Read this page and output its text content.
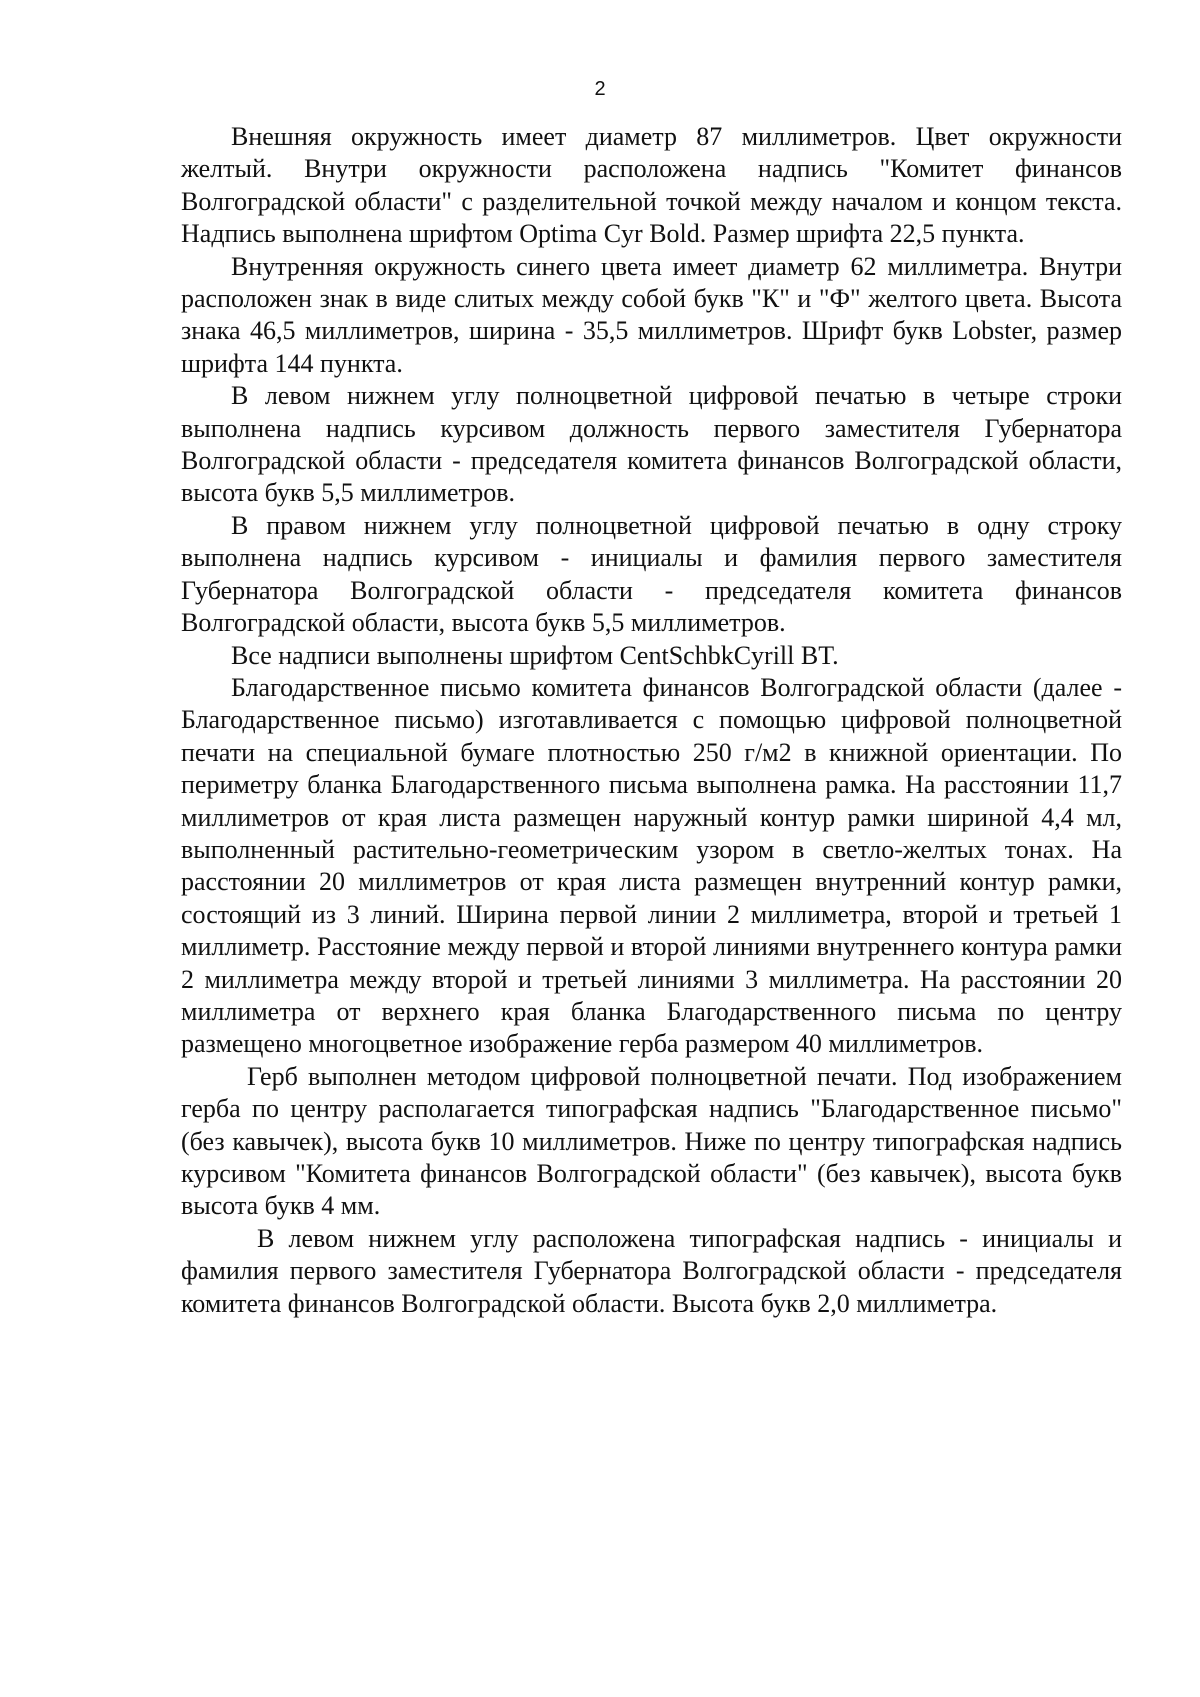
2

Внешняя окружность имеет диаметр 87 миллиметров. Цвет окружности желтый. Внутри окружности расположена надпись "Комитет финансов Волгоградской области" с разделительной точкой между началом и концом текста. Надпись выполнена шрифтом Optima Cyr Bold. Размер шрифта 22,5 пункта.

Внутренняя окружность синего цвета имеет диаметр 62 миллиметра. Внутри расположен знак в виде слитых между собой букв "К" и "Ф" желтого цвета. Высота знака 46,5 миллиметров, ширина - 35,5 миллиметров. Шрифт букв Lobster, размер шрифта 144 пункта.

В левом нижнем углу полноцветной цифровой печатью в четыре строки выполнена надпись курсивом должность первого заместителя Губернатора Волгоградской области - председателя комитета финансов Волгоградской области, высота букв 5,5 миллиметров.

В правом нижнем углу полноцветной цифровой печатью в одну строку выполнена надпись курсивом - инициалы и фамилия первого заместителя Губернатора Волгоградской области - председателя комитета финансов Волгоградской области, высота букв 5,5 миллиметров.

Все надписи выполнены шрифтом CentSchbkCyrill BT.

Благодарственное письмо комитета финансов Волгоградской области (далее - Благодарственное письмо) изготавливается с помощью цифровой полноцветной печати на специальной бумаге плотностью 250 г/м2 в книжной ориентации. По периметру бланка Благодарственного письма выполнена рамка. На расстоянии 11,7 миллиметров от края листа размещен наружный контур рамки шириной 4,4 мл, выполненный растительно-геометрическим узором в светло-желтых тонах. На расстоянии 20 миллиметров от края листа размещен внутренний контур рамки, состоящий из 3 линий. Ширина первой линии 2 миллиметра, второй и третьей 1 миллиметр. Расстояние между первой и второй линиями внутреннего контура рамки 2 миллиметра между второй и третьей линиями 3 миллиметра. На расстоянии 20 миллиметра от верхнего края бланка Благодарственного письма по центру размещено многоцветное изображение герба размером 40 миллиметров.

Герб выполнен методом цифровой полноцветной печати. Под изображением герба по центру располагается типографская надпись "Благодарственное письмо" (без кавычек), высота букв 10 миллиметров. Ниже по центру типографская надпись курсивом "Комитета финансов Волгоградской области" (без кавычек), высота букв высота букв 4 мм.

В левом нижнем углу расположена типографская надпись - инициалы и фамилия первого заместителя Губернатора Волгоградской области - председателя комитета финансов Волгоградской области. Высота букв 2,0 миллиметра.
